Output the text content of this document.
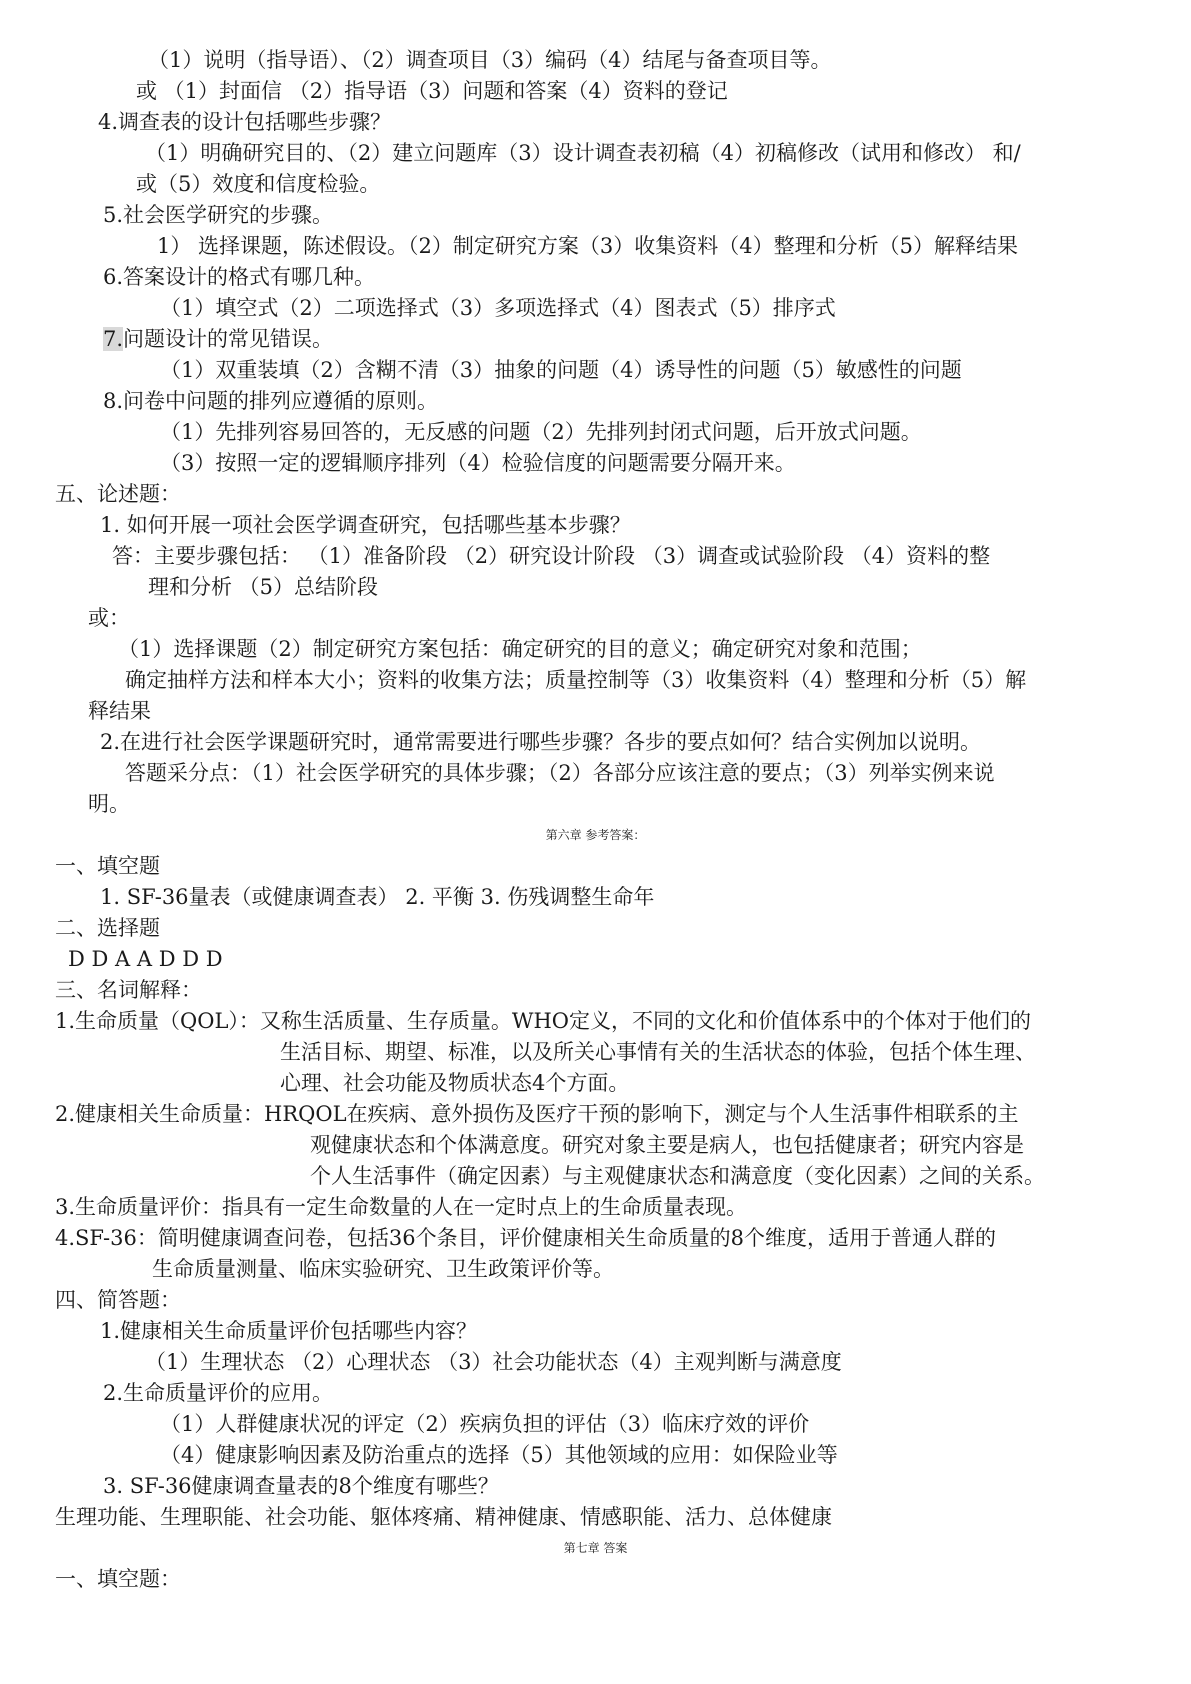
（1）说明（指导语）、（2）调查项目（3）编码（4）结尾与备查项目等。
或 （1）封面信 （2）指导语（3）问题和答案（4）资料的登记
4.调查表的设计包括哪些步骤？
（1）明确研究目的、（2）建立问题库（3）设计调查表初稿（4）初稿修改（试用和修改） 和/
或（5）效度和信度检验。
5.社会医学研究的步骤。
1） 选择课题，陈述假设。（2）制定研究方案（3）收集资料（4）整理和分析（5）解释结果
6.答案设计的格式有哪几种。
（1）填空式（2）二项选择式（3）多项选择式（4）图表式（5）排序式
7.问题设计的常见错误。
（1）双重装填（2）含糊不清（3）抽象的问题（4）诱导性的问题（5）敏感性的问题
8.问卷中问题的排列应遵循的原则。
（1）先排列容易回答的，无反感的问题（2）先排列封闭式问题，后开放式问题。
（3）按照一定的逻辑顺序排列（4）检验信度的问题需要分隔开来。
五、论述题：
1. 如何开展一项社会医学调查研究，包括哪些基本步骤？
答：主要步骤包括： （1）准备阶段 （2）研究设计阶段 （3）调查或试验阶段 （4）资料的整
理和分析 （5）总结阶段
或：
（1）选择课题（2）制定研究方案包括：确定研究的目的意义；确定研究对象和范围；
确定抽样方法和样本大小；资料的收集方法；质量控制等（3）收集资料（4）整理和分析（5）解
释结果
2.在进行社会医学课题研究时，通常需要进行哪些步骤？各步的要点如何？结合实例加以说明。
答题采分点：（1）社会医学研究的具体步骤；（2）各部分应该注意的要点；（3）列举实例来说
明。
第六章 参考答案：
一、填空题
1. SF-36量表（或健康调查表） 2. 平衡 3. 伤残调整生命年
二、选择题
D D A A D D D
三、名词解释：
1.生命质量（QOL）：又称生活质量、生存质量。WHO定义，不同的文化和价值体系中的个体对于他们的
生活目标、期望、标准，以及所关心事情有关的生活状态的体验，包括个体生理、
心理、社会功能及物质状态4个方面。
2.健康相关生命质量：HRQOL在疾病、意外损伤及医疗干预的影响下，测定与个人生活事件相联系的主
观健康状态和个体满意度。研究对象主要是病人，也包括健康者；研究内容是
个人生活事件（确定因素）与主观健康状态和满意度（变化因素）之间的关系。
3.生命质量评价：指具有一定生命数量的人在一定时点上的生命质量表现。
4.SF-36：简明健康调查问卷，包括36个条目，评价健康相关生命质量的8个维度，适用于普通人群的
生命质量测量、临床实验研究、卫生政策评价等。
四、简答题：
1.健康相关生命质量评价包括哪些内容？
（1）生理状态 （2）心理状态 （3）社会功能状态（4）主观判断与满意度
2.生命质量评价的应用。
（1）人群健康状况的评定（2）疾病负担的评估（3）临床疗效的评价
（4）健康影响因素及防治重点的选择（5）其他领域的应用：如保险业等
3. SF-36健康调查量表的8个维度有哪些？
生理功能、生理职能、社会功能、躯体疼痛、精神健康、情感职能、活力、总体健康
第七章 答案
一、填空题：
